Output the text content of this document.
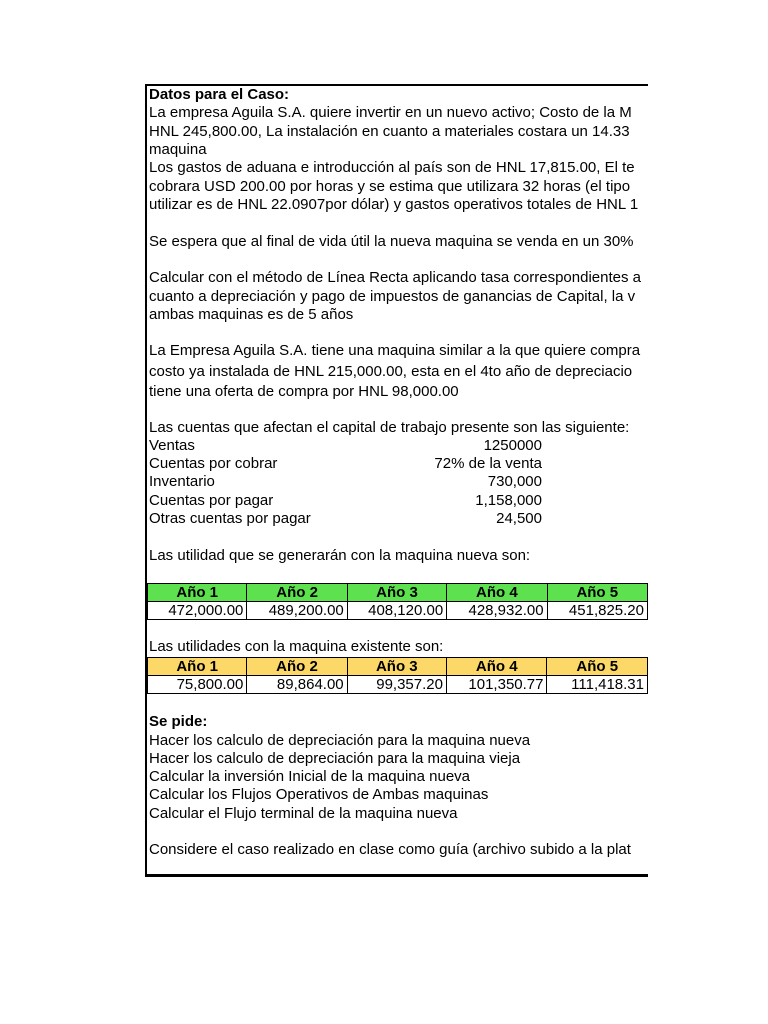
Datos para el Caso:
La empresa Aguila S.A. quiere invertir en un nuevo activo; Costo de la M
HNL 245,800.00, La instalación en cuanto a materiales costara un 14.33
maquina
Los gastos de aduana e introducción al país son de HNL 17,815.00, El te
cobrara USD 200.00 por horas y se estima que utilizara 32 horas (el tipo
utilizar es de HNL 22.0907por dólar) y gastos operativos totales de HNL 1
Se espera que al final de vida útil la nueva maquina se venda en un 30%
Calcular con el método de Línea Recta aplicando tasa correspondientes a
cuanto a depreciación y pago de impuestos de ganancias de Capital, la v
ambas maquinas es de 5 años
La Empresa Aguila S.A. tiene una maquina similar a la que quiere compra
costo ya instalada de HNL 215,000.00, esta en el 4to año de depreciacio
tiene una oferta de compra por HNL 98,000.00
Las cuentas que afectan el capital de trabajo presente son las siguiente:
Ventas	1250000
Cuentas por cobrar	72% de la venta
Inventario	730,000
Cuentas por pagar	1,158,000
Otras cuentas por pagar	24,500
Las utilidad que se generarán con la maquina nueva son:
Año 1	Año 2	Año 3	Año 4	Año 5
472,000.00	489,200.00	408,120.00	428,932.00	451,825.20
Las utilidades con la maquina existente son:
Año 1	Año 2	Año 3	Año 4	Año 5
75,800.00	89,864.00	99,357.20	101,350.77	111,418.31
Se pide:
Hacer los calculo de depreciación para la maquina nueva
Hacer los calculo de depreciación para la maquina vieja
Calcular la inversión Inicial de la maquina nueva
Calcular los Flujos Operativos de Ambas maquinas
Calcular el Flujo terminal de la maquina nueva
Considere el caso realizado en clase como guía (archivo subido a la plat
